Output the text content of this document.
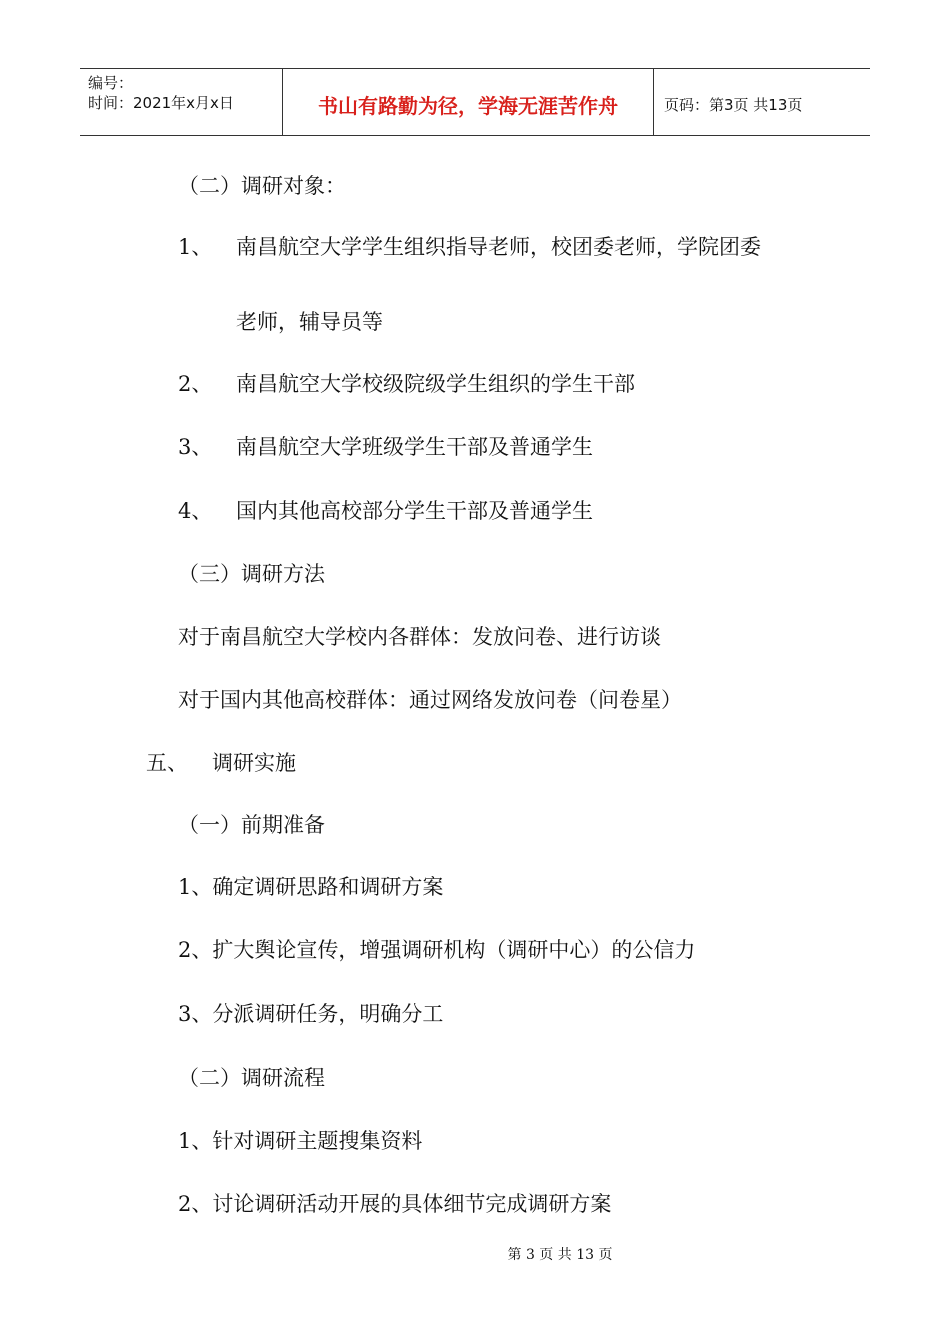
编号：
时间：2021年x月x日	书山有路勤为径，学海无涯苦作舟	页码：第3页 共13页
（二）调研对象：
1、 南昌航空大学学生组织指导老师，校团委老师，学院团委
老师，辅导员等
2、 南昌航空大学校级院级学生组织的学生干部
3、 南昌航空大学班级学生干部及普通学生
4、 国内其他高校部分学生干部及普通学生
（三）调研方法
对于南昌航空大学校内各群体：发放问卷、进行访谈
对于国内其他高校群体：通过网络发放问卷（问卷星）
五、 调研实施
（一）前期准备
1、确定调研思路和调研方案
2、扩大舆论宣传，增强调研机构（调研中心）的公信力
3、分派调研任务，明确分工
（二）调研流程
1、针对调研主题搜集资料
2、讨论调研活动开展的具体细节完成调研方案
第 3 页 共 13 页
